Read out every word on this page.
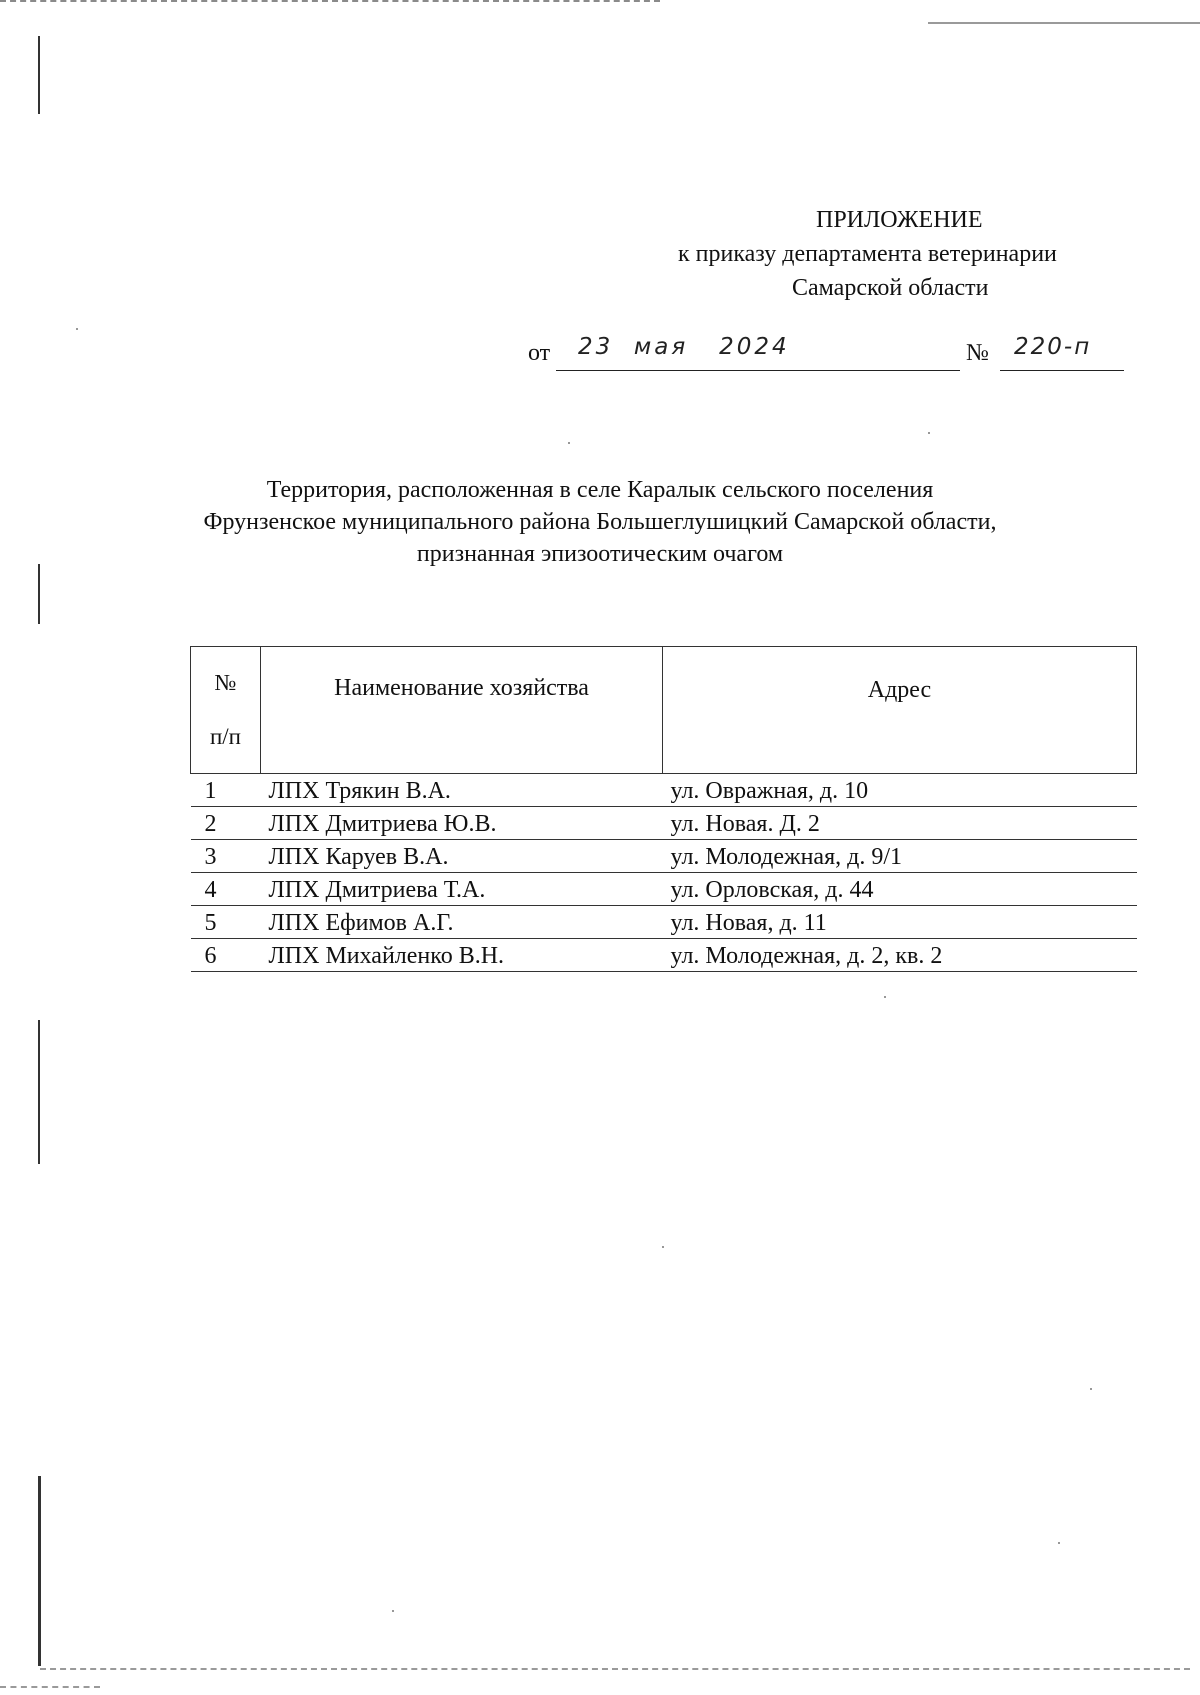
ПРИЛОЖЕНИЕ
к приказу департамента ветеринарии
Самарской области
от 23  мая   2024	№ 220-п
Территория, расположенная в селе Каралык сельского поселения
Фрунзенское муниципального района Большеглушицкий Самарской области,
признанная эпизоотическим очагом
№
п/п	Наименование хозяйства	Адрес
1	ЛПХ Трякин В.А.	ул. Овражная, д. 10
2	ЛПХ Дмитриева Ю.В.	ул. Новая. Д. 2
3	ЛПХ Каруев В.А.	ул. Молодежная, д. 9/1
4	ЛПХ Дмитриева Т.А.	ул. Орловская, д. 44
5	ЛПХ Ефимов А.Г.	ул. Новая, д. 11
6	ЛПХ Михайленко В.Н.	ул. Молодежная, д. 2, кв. 2
